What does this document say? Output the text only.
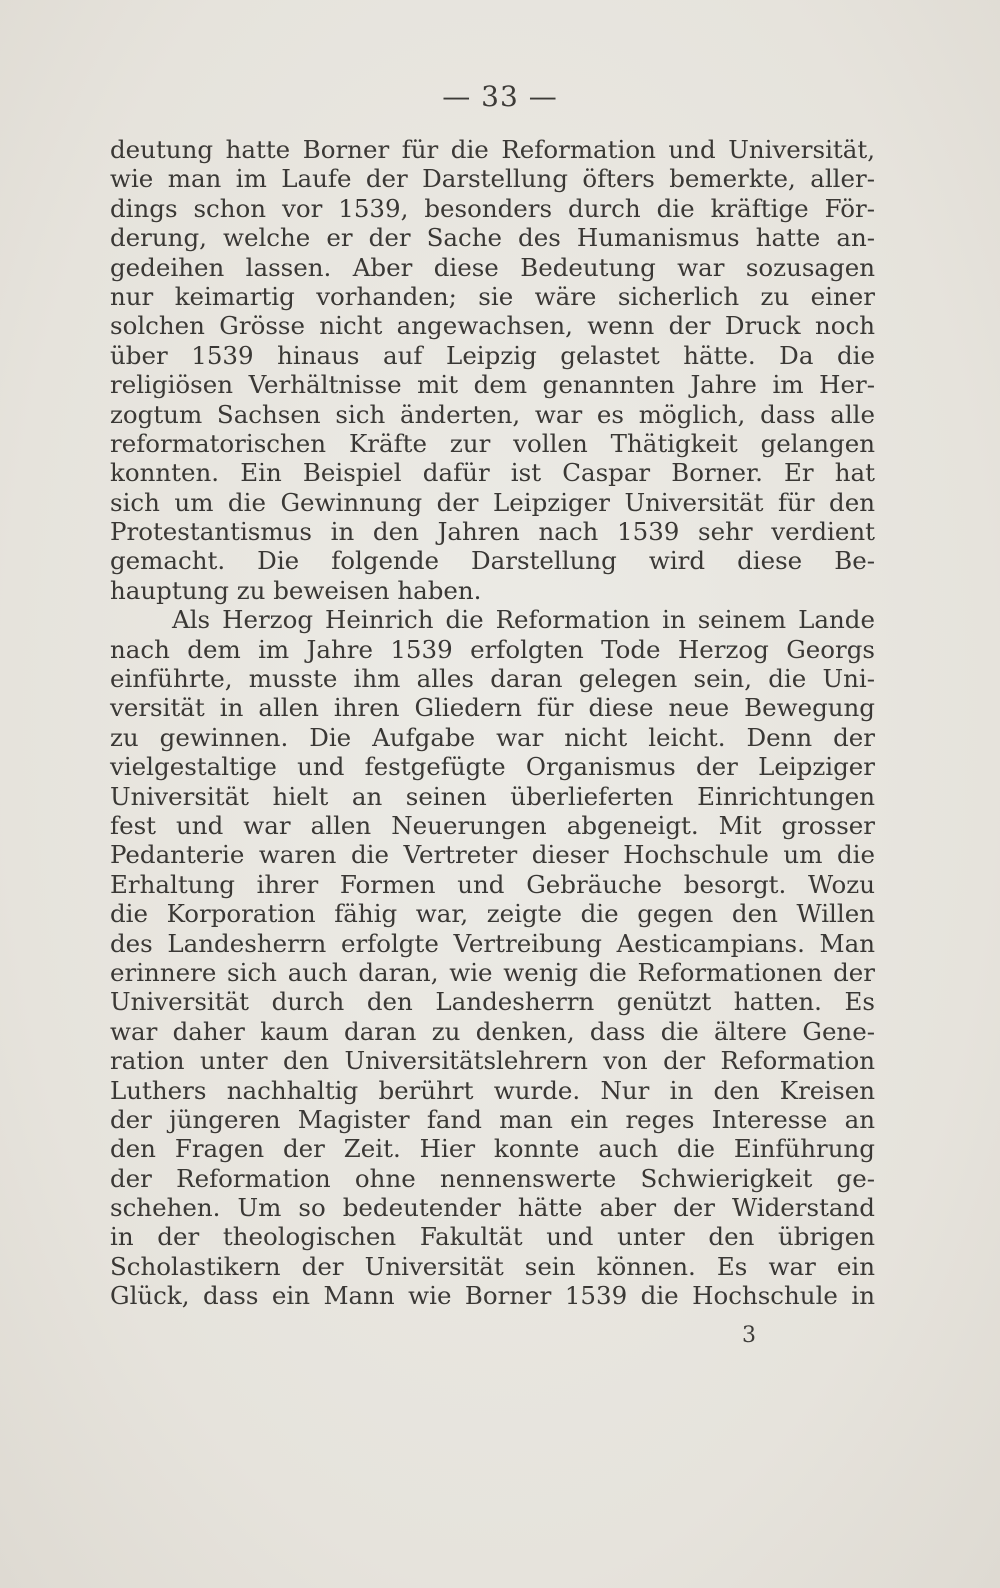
— 33 —
deutung hatte Borner für die Reformation und Universität,
wie man im Laufe der Darstellung öfters bemerkte, aller-
dings schon vor 1539, besonders durch die kräftige För-
derung, welche er der Sache des Humanismus hatte an-
gedeihen lassen. Aber diese Bedeutung war sozusagen
nur keimartig vorhanden; sie wäre sicherlich zu einer
solchen Grösse nicht angewachsen, wenn der Druck noch
über 1539 hinaus auf Leipzig gelastet hätte. Da die
religiösen Verhältnisse mit dem genannten Jahre im Her-
zogtum Sachsen sich änderten, war es möglich, dass alle
reformatorischen Kräfte zur vollen Thätigkeit gelangen
konnten. Ein Beispiel dafür ist Caspar Borner. Er hat
sich um die Gewinnung der Leipziger Universität für den
Protestantismus in den Jahren nach 1539 sehr verdient
gemacht. Die folgende Darstellung wird diese Be-
hauptung zu beweisen haben.
Als Herzog Heinrich die Reformation in seinem Lande
nach dem im Jahre 1539 erfolgten Tode Herzog Georgs
einführte, musste ihm alles daran gelegen sein, die Uni-
versität in allen ihren Gliedern für diese neue Bewegung
zu gewinnen. Die Aufgabe war nicht leicht. Denn der
vielgestaltige und festgefügte Organismus der Leipziger
Universität hielt an seinen überlieferten Einrichtungen
fest und war allen Neuerungen abgeneigt. Mit grosser
Pedanterie waren die Vertreter dieser Hochschule um die
Erhaltung ihrer Formen und Gebräuche besorgt. Wozu
die Korporation fähig war, zeigte die gegen den Willen
des Landesherrn erfolgte Vertreibung Aesticampians. Man
erinnere sich auch daran, wie wenig die Reformationen der
Universität durch den Landesherrn genützt hatten. Es
war daher kaum daran zu denken, dass die ältere Gene-
ration unter den Universitätslehrern von der Reformation
Luthers nachhaltig berührt wurde. Nur in den Kreisen
der jüngeren Magister fand man ein reges Interesse an
den Fragen der Zeit. Hier konnte auch die Einführung
der Reformation ohne nennenswerte Schwierigkeit ge-
schehen. Um so bedeutender hätte aber der Widerstand
in der theologischen Fakultät und unter den übrigen
Scholastikern der Universität sein können. Es war ein
Glück, dass ein Mann wie Borner 1539 die Hochschule in
3
